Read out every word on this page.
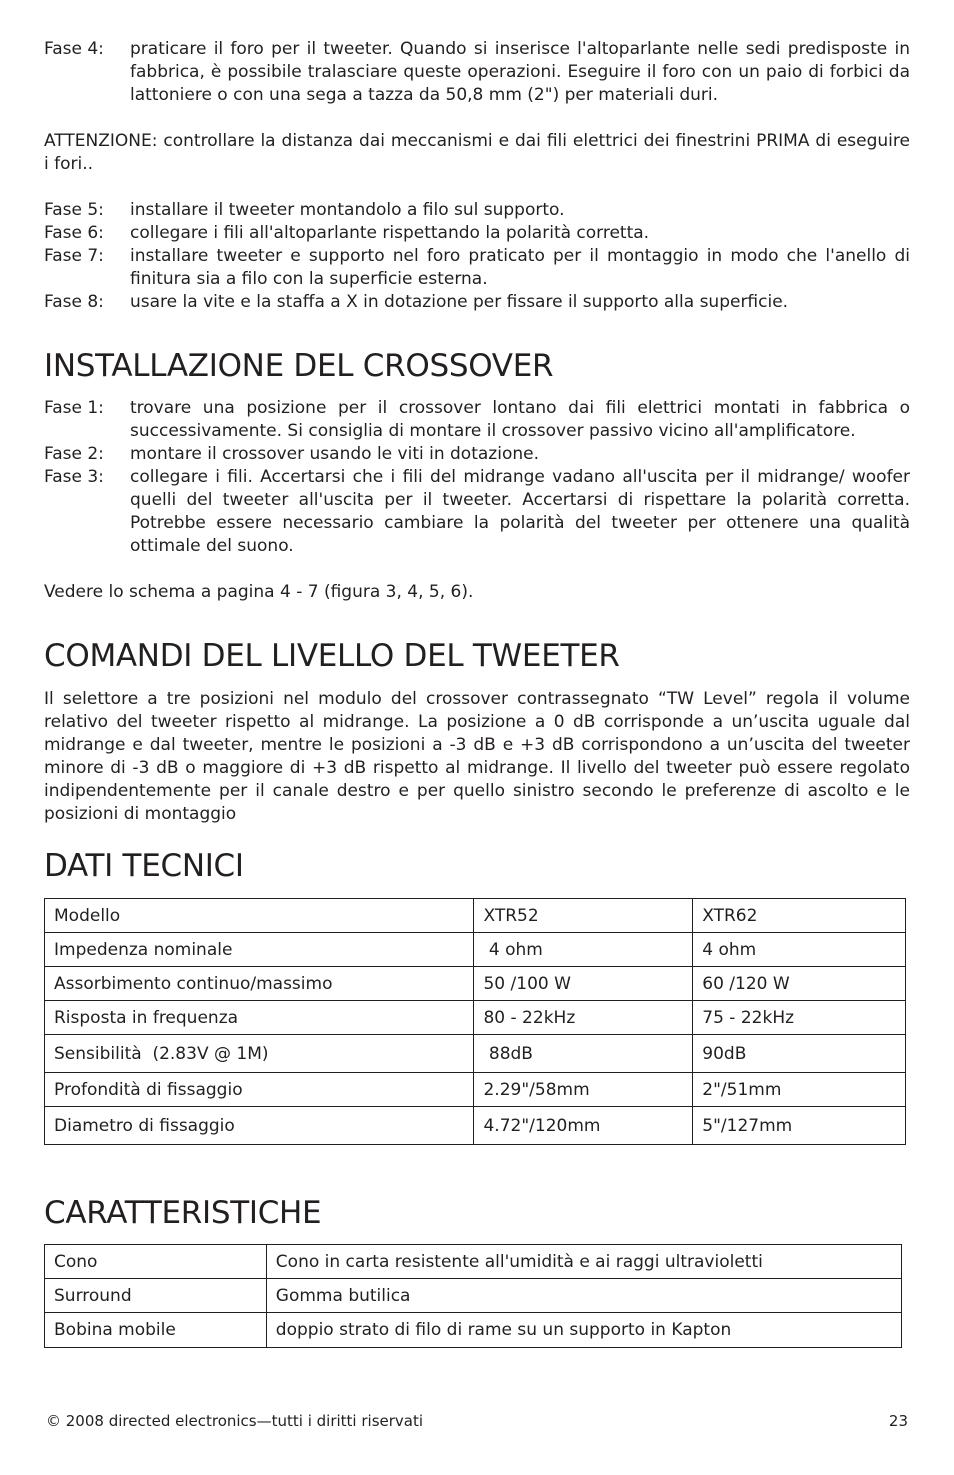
Fase 4:	praticare il foro per il tweeter. Quando si inserisce l'altoparlante nelle sedi predisposte in fabbrica, è possibile tralasciare queste operazioni. Eseguire il foro con un paio di forbici da lattoniere o con una sega a tazza da 50,8 mm (2") per materiali duri.

ATTENZIONE: controllare la distanza dai meccanismi e dai fili elettrici dei finestrini PRIMA di eseguire i fori..

Fase 5:	installare il tweeter montandolo a filo sul supporto.
Fase 6:	collegare i fili all'altoparlante rispettando la polarità corretta.
Fase 7:	installare tweeter e supporto nel foro praticato per il montaggio in modo che l'anello di finitura sia a filo con la superficie esterna.
Fase 8:	usare la vite e la staffa a X in dotazione per fissare il supporto alla superficie.
INSTALLAZIONE DEL CROSSOVER
Fase 1:	trovare una posizione per il crossover lontano dai fili elettrici montati in fabbrica o successivamente. Si consiglia di montare il crossover passivo vicino all'amplificatore.
Fase 2:	montare il crossover usando le viti in dotazione.
Fase 3:	collegare i fili. Accertarsi che i fili del midrange vadano all'uscita per il midrange/ woofer quelli del tweeter all'uscita per il tweeter. Accertarsi di rispettare la polarità corretta. Potrebbe essere necessario cambiare la polarità del tweeter per ottenere una qualità ottimale del suono.

Vedere lo schema a pagina 4 - 7 (figura 3, 4, 5, 6).

COMANDI DEL LIVELLO DEL TWEETER

Il selettore a tre posizioni nel modulo del crossover contrassegnato “TW Level” regola il volume relativo del tweeter rispetto al midrange. La posizione a 0 dB corrisponde a un’uscita uguale dal midrange e dal tweeter, mentre le posizioni a -3 dB e +3 dB corrispondono a un’uscita del tweeter minore di -3 dB o maggiore di +3 dB rispetto al midrange. Il livello del tweeter può essere regolato indipendentemente per il canale destro e per quello sinistro secondo le preferenze di ascolto e le posizioni di montaggio

DATI TECNICI
Modello	XTR52	XTR62
Impedenza nominale	4 ohm	4 ohm
Assorbimento continuo/massimo	50 /100 W	60 /120 W
Risposta in frequenza	80 - 22kHz	75 - 22kHz
Sensibilità  (2.83V @ 1M)	88dB	90dB
Profondità di fissaggio	2.29"/58mm	2"/51mm
Diametro di fissaggio	4.72"/120mm	5"/127mm
CARATTERISTICHE
Cono	Cono in carta resistente all'umidità e ai raggi ultravioletti
Surround	Gomma butilica
Bobina mobile	doppio strato di filo di rame su un supporto in Kapton
© 2008 directed electronics—tutti i diritti riservati	23
